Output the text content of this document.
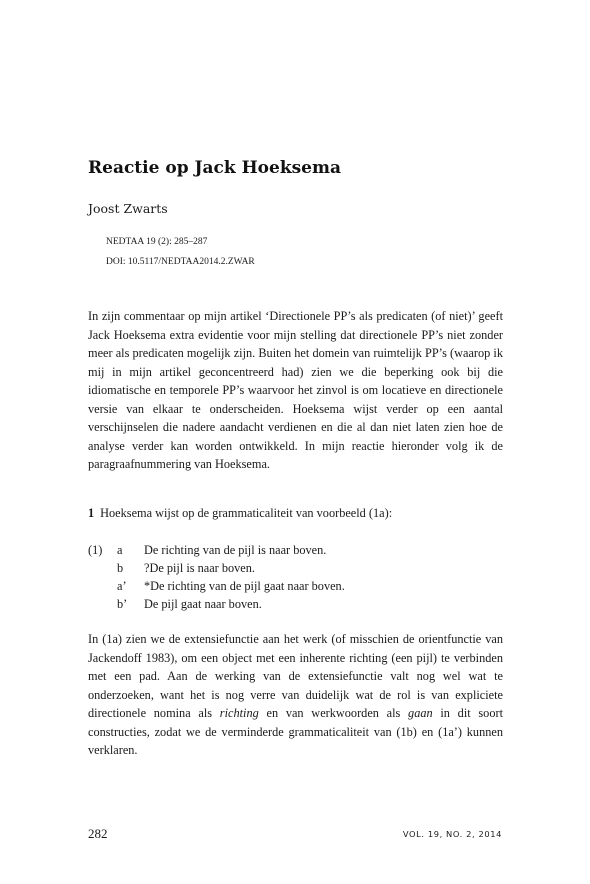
Reactie op Jack Hoeksema
Joost Zwarts
NEDTAA 19 (2): 285–287
DOI: 10.5117/NEDTAA2014.2.ZWAR

In zijn commentaar op mijn artikel ‘Directionele PP’s als predicaten (of niet)’ geeft Jack Hoeksema extra evidentie voor mijn stelling dat directionele PP’s niet zonder meer als predicaten mogelijk zijn. Buiten het domein van ruimtelijk PP’s (waarop ik mij in mijn artikel geconcentreerd had) zien we die beperking ook bij die idiomatische en temporele PP’s waarvoor het zinvol is om locatieve en directionele versie van elkaar te onderscheiden. Hoeksema wijst verder op een aantal verschijnselen die nadere aandacht verdienen en die al dan niet laten zien hoe de analyse verder kan worden ontwikkeld. In mijn reactie hieronder volg ik de paragraafnummering van Hoeksema.

1 Hoeksema wijst op de grammaticaliteit van voorbeeld (1a):
(1) a De richting van de pijl is naar boven.
b ?De pijl is naar boven.
a’ *De richting van de pijl gaat naar boven.
b’ De pijl gaat naar boven.

In (1a) zien we de extensiefunctie aan het werk (of misschien de orientfunctie van Jackendoff 1983), om een object met een inherente richting (een pijl) te verbinden met een pad. Aan de werking van de extensiefunctie valt nog wel wat te onderzoeken, want het is nog verre van duidelijk wat de rol is van expliciete directionele nomina als richting en van werkwoorden als gaan in dit soort constructies, zodat we de verminderde grammaticaliteit van (1b) en (1a’) kunnen verklaren.

282	VOL. 19, NO. 2, 2014
